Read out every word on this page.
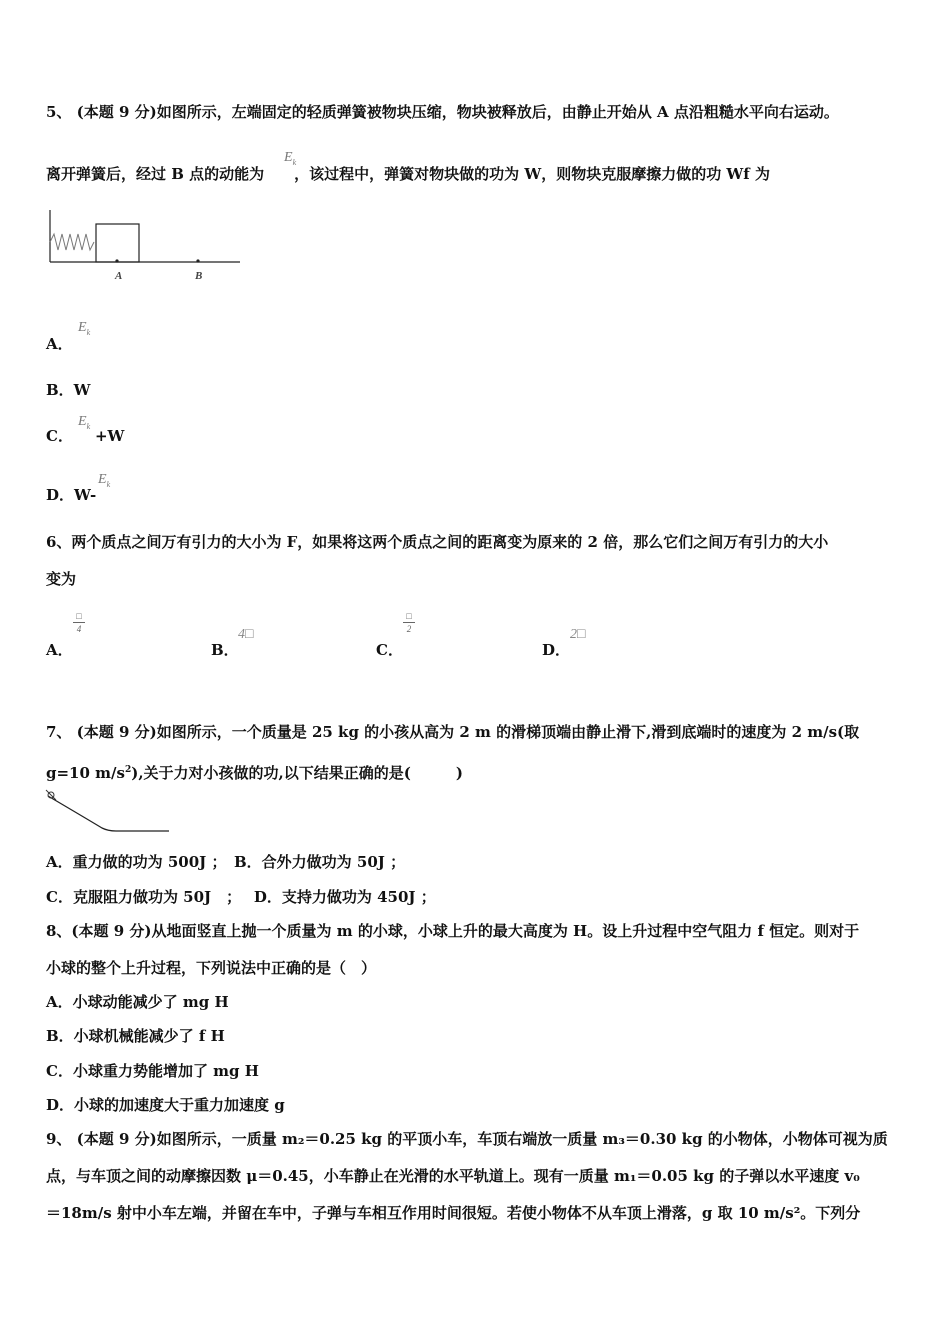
5、 (本题 9 分)如图所示，左端固定的轻质弹簧被物块压缩，物块被释放后，由静止开始从 A 点沿粗糙水平向右运动。
离开弹簧后，经过 B 点的动能为 ，该过程中，弹簧对物块做的功为 W，则物块克服摩擦力做的功 Wf 为
$E_k$
A	B
A．
$E_k$
B．W
C． +W
$E_k$
D．W-
$E_k$
6、两个质点之间万有引力的大小为 F，如果将这两个质点之间的距离变为原来的 2 倍，那么它们之间万有引力的大小
变为
A．
□
4
B．
4□
C．
□
2
D．
2□
7、 (本题 9 分)如图所示，一个质量是 25 kg 的小孩从高为 2 m 的滑梯顶端由静止滑下,滑到底端时的速度为 2 m/s(取
g=10 $m/s^2$),关于力对小孩做的功,以下结果正确的是(　　　)
A．重力做的功为 500J ；　B．合外力做功为 50J ；
C．克服阻力做功为 50J　；　 D．支持力做功为 450J ；
8、(本题 9 分)从地面竖直上抛一个质量为 m 的小球，小球上升的最大高度为 H。设上升过程中空气阻力 f 恒定。则对于
小球的整个上升过程，下列说法中正确的是（　）
A．小球动能减少了 mg H
B．小球机械能减少了 f H
C．小球重力势能增加了 mg H
D．小球的加速度大于重力加速度 g
9、 (本题 9 分)如图所示，一质量 m₂＝0.25 kg 的平顶小车，车顶右端放一质量 m₃＝0.30 kg 的小物体，小物体可视为质
点，与车顶之间的动摩擦因数 μ＝0.45，小车静止在光滑的水平轨道上。现有一质量 m₁＝0.05 kg 的子弹以水平速度 v₀
＝18m/s 射中小车左端，并留在车中，子弹与车相互作用时间很短。若使小物体不从车顶上滑落，g 取 10 m/s²。下列分
